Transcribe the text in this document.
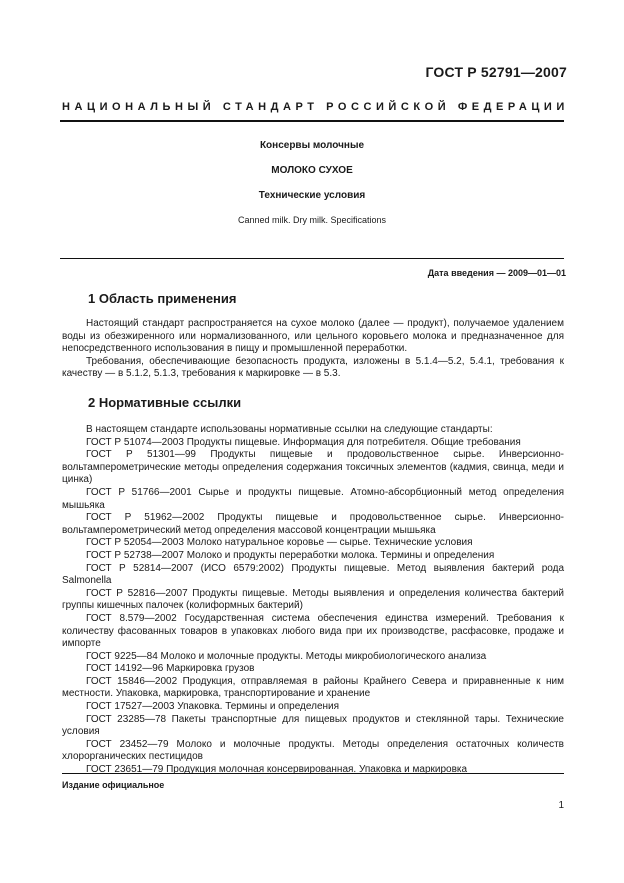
ГОСТ Р 52791—2007
НАЦИОНАЛЬНЫЙ СТАНДАРТ РОССИЙСКОЙ ФЕДЕРАЦИИ
Консервы молочные
МОЛОКО СУХОЕ
Технические условия
Canned milk. Dry milk. Specifications
Дата введения — 2009—01—01
1 Область применения

Настоящий стандарт распространяется на сухое молоко (далее — продукт), получаемое удалением воды из обезжиренного или нормализованного, или цельного коровьего молока и предназначенное для непосредственного использования в пищу и промышленной переработки.

Требования, обеспечивающие безопасность продукта, изложены в 5.1.4—5.2, 5.4.1, требования к качеству — в 5.1.2, 5.1.3, требования к маркировке — в 5.3.

2 Нормативные ссылки

В настоящем стандарте использованы нормативные ссылки на следующие стандарты:

ГОСТ Р 51074—2003 Продукты пищевые. Информация для потребителя. Общие требования

ГОСТ Р 51301—99 Продукты пищевые и продовольственное сырье. Инверсионно-вольтамперометрические методы определения содержания токсичных элементов (кадмия, свинца, меди и цинка)

ГОСТ Р 51766—2001 Сырье и продукты пищевые. Атомно-абсорбционный метод определения мышьяка

ГОСТ Р 51962—2002 Продукты пищевые и продовольственное сырье. Инверсионно-вольтамперометрический метод определения массовой концентрации мышьяка

ГОСТ Р 52054—2003 Молоко натуральное коровье — сырье. Технические условия

ГОСТ Р 52738—2007 Молоко и продукты переработки молока. Термины и определения

ГОСТ Р 52814—2007 (ИСО 6579:2002) Продукты пищевые. Метод выявления бактерий рода Salmonella

ГОСТ Р 52816—2007 Продукты пищевые. Методы выявления и определения количества бактерий группы кишечных палочек (колиформных бактерий)

ГОСТ 8.579—2002 Государственная система обеспечения единства измерений. Требования к количеству фасованных товаров в упаковках любого вида при их производстве, расфасовке, продаже и импорте

ГОСТ 9225—84 Молоко и молочные продукты. Методы микробиологического анализа

ГОСТ 14192—96 Маркировка грузов

ГОСТ 15846—2002 Продукция, отправляемая в районы Крайнего Севера и приравненные к ним местности. Упаковка, маркировка, транспортирование и хранение

ГОСТ 17527—2003 Упаковка. Термины и определения

ГОСТ 23285—78 Пакеты транспортные для пищевых продуктов и стеклянной тары. Технические условия

ГОСТ 23452—79 Молоко и молочные продукты. Методы определения остаточных количеств хлорорганических пестицидов

ГОСТ 23651—79 Продукция молочная консервированная. Упаковка и маркировка

Издание официальное
1
